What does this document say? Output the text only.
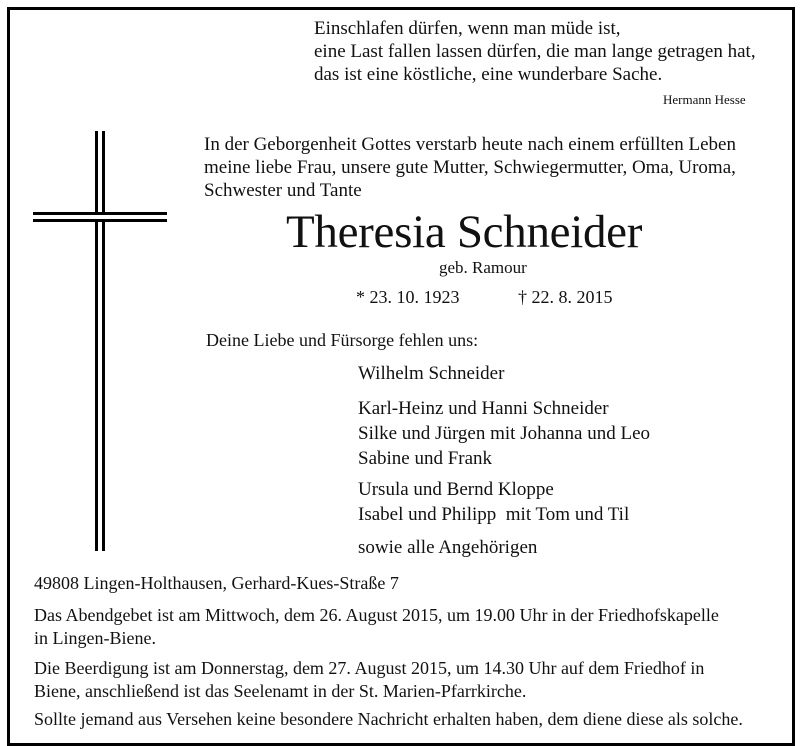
Einschlafen dürfen, wenn man müde ist,
eine Last fallen lassen dürfen, die man lange getragen hat,
das ist eine köstliche, eine wunderbare Sache.
Hermann Hesse
In der Geborgenheit Gottes verstarb heute nach einem erfüllten Leben
meine liebe Frau, unsere gute Mutter, Schwiegermutter, Oma, Uroma,
Schwester und Tante
Theresia Schneider
geb. Ramour
* 23. 10. 1923	† 22. 8. 2015
Deine Liebe und Fürsorge fehlen uns:
Wilhelm Schneider
Karl-Heinz und Hanni Schneider
Silke und Jürgen mit Johanna und Leo
Sabine und Frank
Ursula und Bernd Kloppe
Isabel und Philipp  mit Tom und Til
sowie alle Angehörigen
49808 Lingen-Holthausen, Gerhard-Kues-Straße 7
Das Abendgebet ist am Mittwoch, dem 26. August 2015, um 19.00 Uhr in der Friedhofskapelle
in Lingen-Biene.
Die Beerdigung ist am Donnerstag, dem 27. August 2015, um 14.30 Uhr auf dem Friedhof in
Biene, anschließend ist das Seelenamt in der St. Marien-Pfarrkirche.
Sollte jemand aus Versehen keine besondere Nachricht erhalten haben, dem diene diese als solche.
